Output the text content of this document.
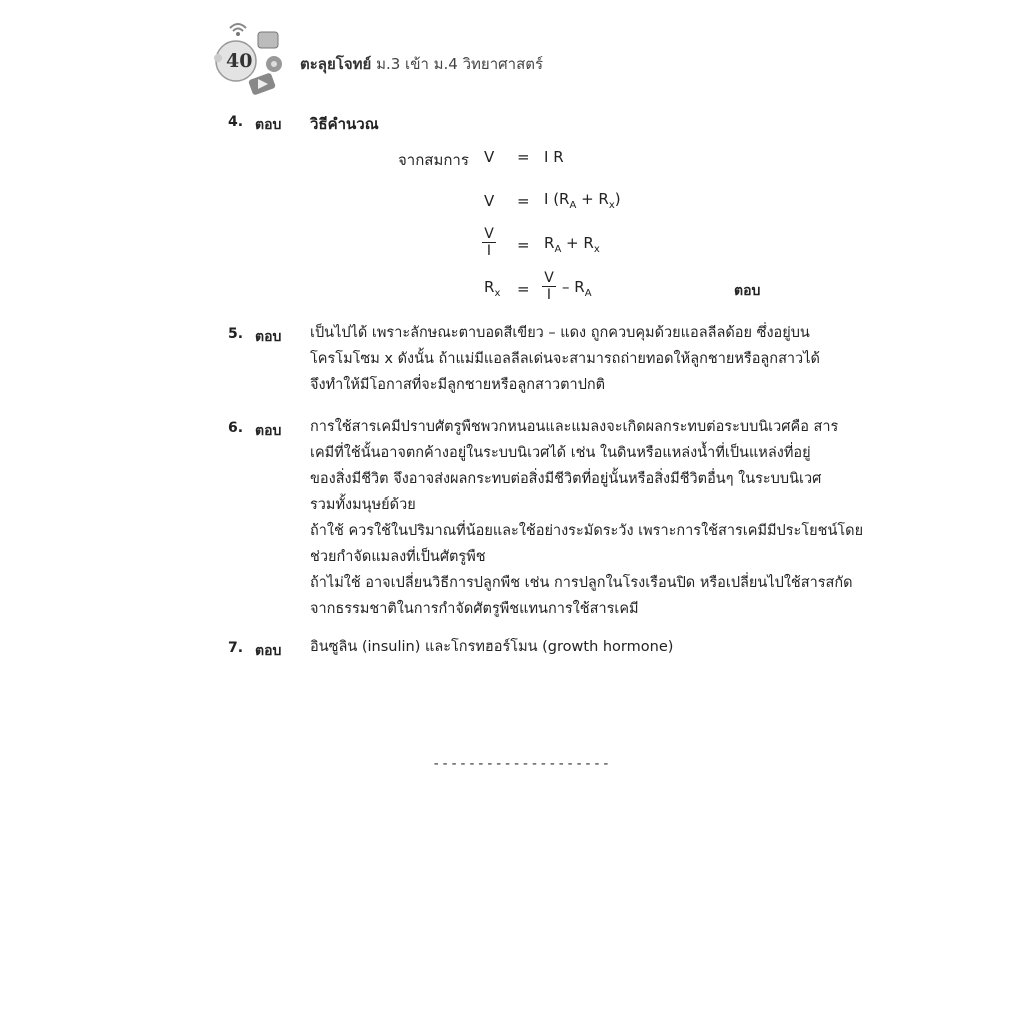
40	ตะลุยโจทย์ ม.3 เข้า ม.4 วิทยาศาสตร์
4. ตอบ วิธีคำนวณ
จากสมการ V = I R
V = I $(R_A + R_x)$
$\frac{V}{I} = R_A + R_x$
$R_x = \frac{V}{I} - R_A$	ตอบ
5. ตอบ เป็นไปได้ เพราะลักษณะตาบอดสีเขียว – แดง ถูกควบคุมด้วยแอลลีลด้อย ซึ่งอยู่บน
โครโมโซม x ดังนั้น ถ้าแม่มีแอลลีลเด่นจะสามารถถ่ายทอดให้ลูกชายหรือลูกสาวได้
จึงทำให้มีโอกาสที่จะมีลูกชายหรือลูกสาวตาปกติ
6. ตอบ การใช้สารเคมีปราบศัตรูพืชพวกหนอนและแมลงจะเกิดผลกระทบต่อระบบนิเวศคือ สาร
เคมีที่ใช้นั้นอาจตกค้างอยู่ในระบบนิเวศได้ เช่น ในดินหรือแหล่งน้ำที่เป็นแหล่งที่อยู่
ของสิ่งมีชีวิต จึงอาจส่งผลกระทบต่อสิ่งมีชีวิตที่อยู่นั้นหรือสิ่งมีชีวิตอื่นๆ ในระบบนิเวศ
รวมทั้งมนุษย์ด้วย
ถ้าใช้ ควรใช้ในปริมาณที่น้อยและใช้อย่างระมัดระวัง เพราะการใช้สารเคมีมีประโยชน์โดย
ช่วยกำจัดแมลงที่เป็นศัตรูพืช
ถ้าไม่ใช้ อาจเปลี่ยนวิธีการปลูกพืช เช่น การปลูกในโรงเรือนปิด หรือเปลี่ยนไปใช้สารสกัด
จากธรรมชาติในการกำจัดศัตรูพืชแทนการใช้สารเคมี
7. ตอบ อินซูลิน (insulin) และโกรทฮอร์โมน (growth hormone)
--------------------
